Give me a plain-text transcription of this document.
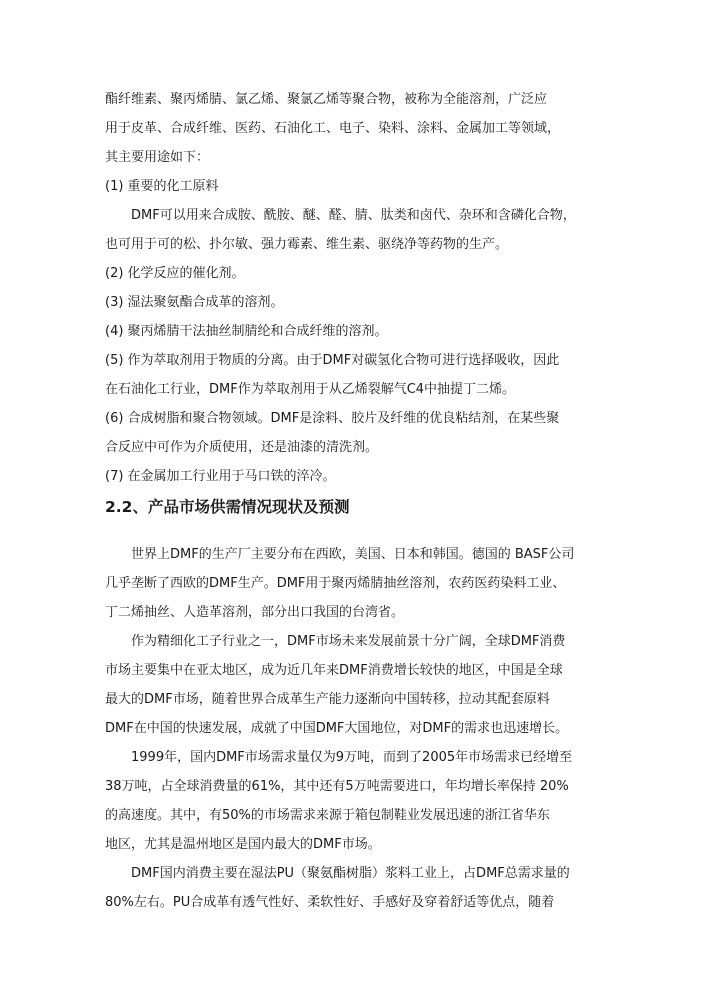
酯纤维素、聚丙烯腈、氯乙烯、聚氯乙烯等聚合物，被称为全能溶剂，广泛应
用于皮革、合成纤维、医药、石油化工、电子、染料、涂料、金属加工等领域，
其主要用途如下：
(1) 重要的化工原料
DMF可以用来合成胺、酰胺、醚、醛、腈、肽类和卤代、杂环和含磷化合物，
也可用于可的松、扑尔敏、强力霉素、维生素、驱绕净等药物的生产。
(2) 化学反应的催化剂。
(3) 湿法聚氨酯合成革的溶剂。
(4) 聚丙烯腈干法抽丝制腈纶和合成纤维的溶剂。
(5) 作为萃取剂用于物质的分离。由于DMF对碳氢化合物可进行选择吸收，因此
在石油化工行业，DMF作为萃取剂用于从乙烯裂解气C4中抽提丁二烯。
(6) 合成树脂和聚合物领域。DMF是涂料、胶片及纤维的优良粘结剂，在某些聚
合反应中可作为介质使用，还是油漆的清洗剂。
(7) 在金属加工行业用于马口铁的淬冷。
2.2、产品市场供需情况现状及预测
世界上DMF的生产厂主要分布在西欧，美国、日本和韩国。德国的 BASF公司
几乎垄断了西欧的DMF生产。DMF用于聚丙烯腈抽丝溶剂，农药医药染料工业、
丁二烯抽丝、人造革溶剂，部分出口我国的台湾省。
作为精细化工子行业之一，DMF市场未来发展前景十分广阔，全球DMF消费
市场主要集中在亚太地区，成为近几年来DMF消费增长较快的地区，中国是全球
最大的DMF市场，随着世界合成革生产能力逐渐向中国转移，拉动其配套原料
DMF在中国的快速发展，成就了中国DMF大国地位，对DMF的需求也迅速增长。
1999年，国内DMF市场需求量仅为9万吨，而到了2005年市场需求已经增至
38万吨，占全球消费量的61%，其中还有5万吨需要进口，年均增长率保持 20%
的高速度。其中，有50%的市场需求来源于箱包制鞋业发展迅速的浙江省华东
地区，尤其是温州地区是国内最大的DMF市场。
DMF国内消费主要在湿法PU（聚氨酯树脂）浆料工业上，占DMF总需求量的
80%左右。PU合成革有透气性好、柔软性好、手感好及穿着舒适等优点，随着
